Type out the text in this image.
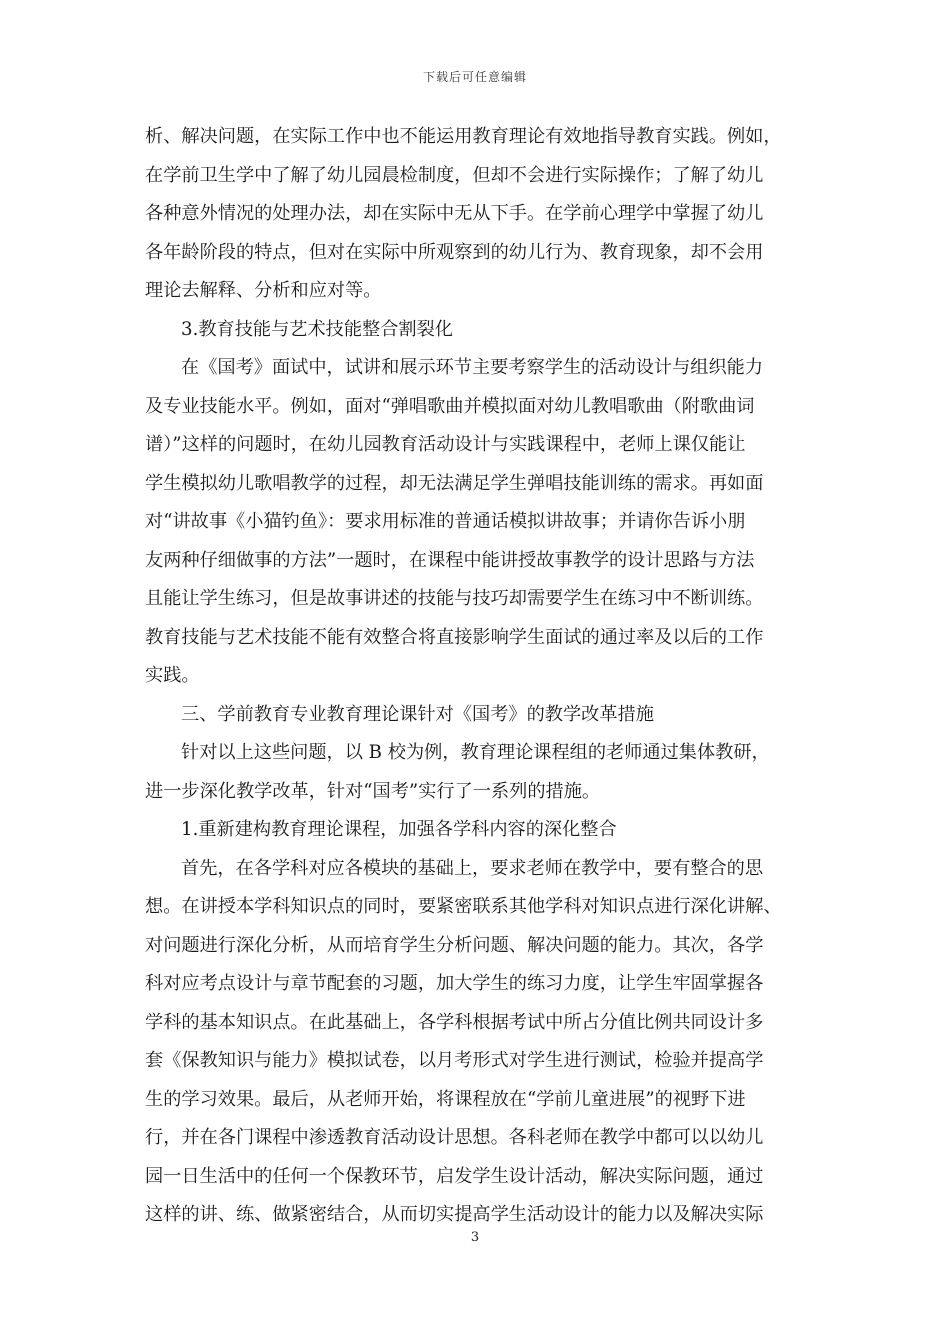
下载后可任意编辑
析、解决问题，在实际工作中也不能运用教育理论有效地指导教育实践。例如，
在学前卫生学中了解了幼儿园晨检制度，但却不会进行实际操作；了解了幼儿
各种意外情况的处理办法，却在实际中无从下手。在学前心理学中掌握了幼儿
各年龄阶段的特点，但对在实际中所观察到的幼儿行为、教育现象，却不会用
理论去解释、分析和应对等。
3.教育技能与艺术技能整合割裂化
在《国考》面试中，试讲和展示环节主要考察学生的活动设计与组织能力
及专业技能水平。例如，面对“弹唱歌曲并模拟面对幼儿教唱歌曲（附歌曲词
谱）”这样的问题时，在幼儿园教育活动设计与实践课程中，老师上课仅能让
学生模拟幼儿歌唱教学的过程，却无法满足学生弹唱技能训练的需求。再如面
对“讲故事《小猫钓鱼》：要求用标准的普通话模拟讲故事；并请你告诉小朋
友两种仔细做事的方法”一题时，在课程中能讲授故事教学的设计思路与方法
且能让学生练习，但是故事讲述的技能与技巧却需要学生在练习中不断训练。
教育技能与艺术技能不能有效整合将直接影响学生面试的通过率及以后的工作
实践。
三、学前教育专业教育理论课针对《国考》的教学改革措施
针对以上这些问题，以 B 校为例，教育理论课程组的老师通过集体教研，
进一步深化教学改革，针对“国考”实行了一系列的措施。
1.重新建构教育理论课程，加强各学科内容的深化整合
首先，在各学科对应各模块的基础上，要求老师在教学中，要有整合的思
想。在讲授本学科知识点的同时，要紧密联系其他学科对知识点进行深化讲解、
对问题进行深化分析，从而培育学生分析问题、解决问题的能力。其次，各学
科对应考点设计与章节配套的习题，加大学生的练习力度，让学生牢固掌握各
学科的基本知识点。在此基础上，各学科根据考试中所占分值比例共同设计多
套《保教知识与能力》模拟试卷，以月考形式对学生进行测试，检验并提高学
生的学习效果。最后，从老师开始，将课程放在“学前儿童进展”的视野下进
行，并在各门课程中渗透教育活动设计思想。各科老师在教学中都可以以幼儿
园一日生活中的任何一个保教环节，启发学生设计活动，解决实际问题，通过
这样的讲、练、做紧密结合，从而切实提高学生活动设计的能力以及解决实际
3
